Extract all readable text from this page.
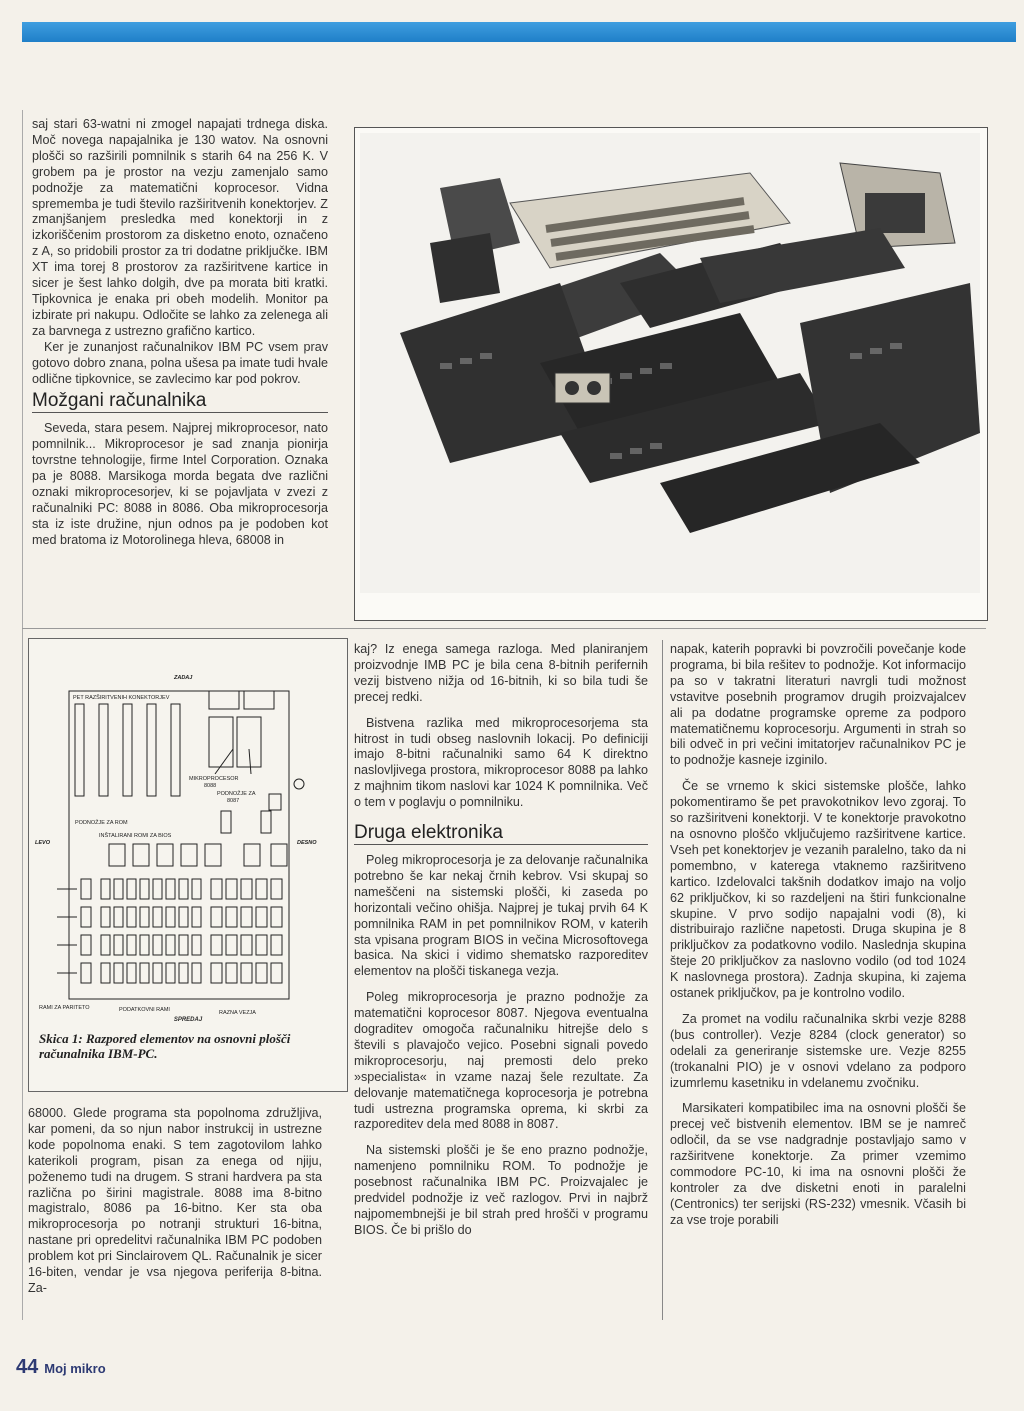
saj stari 63-watni ni zmogel napajati trdnega diska. Moč novega napajalnika je 130 watov. Na osnovni plošči so razširili pomnilnik s starih 64 na 256 K. V grobem pa je prostor na vezju zamenjalo samo podnožje za matematični koprocesor. Vidna sprememba je tudi število razširitvenih konektorjev. Z zmanjšanjem presledka med konektorji in z izkoriščenim prostorom za disketno enoto, označeno z A, so pridobili prostor za tri dodatne priključke. IBM XT ima torej 8 prostorov za razširitvene kartice in sicer je šest lahko dolgih, dve pa morata biti kratki. Tipkovnica je enaka pri obeh modelih. Monitor pa izbirate pri nakupu. Odločite se lahko za zelenega ali za barvnega z ustrezno grafično kartico.

Ker je zunanjost računalnikov IBM PC vsem prav gotovo dobro znana, polna ušesa pa imate tudi hvale odlične tipkovnice, se zavlecimo kar pod pokrov.

Možgani računalnika

Seveda, stara pesem. Najprej mikroprocesor, nato pomnilnik... Mikroprocesor je sad znanja pionirja tovrstne tehnologije, firme Intel Corporation. Oznaka pa je 8088. Marsikoga morda begata dve različni oznaki mikroprocesorjev, ki se pojavljata v zvezi z računalniki PC: 8088 in 8086. Oba mikroprocesorja sta iz iste družine, njun odnos pa je podoben kot med bratoma iz Motorolinega hleva, 68008 in

ZADAJ
PET RAZŠIRITVENIH KONEKTORJEV
MIKROPROCESOR
8088
PODNOŽJE ZA
8087
PODNOŽJE ZA ROM
INŠTALIRANI ROMI ZA BIOS
LEVO	DESNO
RAMI ZA PARITETO	PODATKOVNI RAMI	RAZNA VEZJA
SPREDAJ
Skica 1: Razpored elementov na osnovni plošči računalnika IBM-PC.

68000. Glede programa sta popolnoma združljiva, kar pomeni, da so njun nabor instrukcij in ustrezne kode popolnoma enaki. S tem zagotovilom lahko katerikoli program, pisan za enega od njiju, poženemo tudi na drugem. S strani hardvera pa sta različna po širini magistrale. 8088 ima 8-bitno magistralo, 8086 pa 16-bitno. Ker sta oba mikroprocesorja po notranji strukturi 16-bitna, nastane pri opredelitvi računalnika IBM PC podoben problem kot pri Sinclairovem QL. Računalnik je sicer 16-biten, vendar je vsa njegova periferija 8-bitna. Za-

kaj? Iz enega samega razloga. Med planiranjem proizvodnje IMB PC je bila cena 8-bitnih perifernih vezij bistveno nižja od 16-bitnih, ki so bila tudi še precej redki.

Bistvena razlika med mikroprocesorjema sta hitrost in tudi obseg naslovnih lokacij. Po definiciji imajo 8-bitni računalniki samo 64 K direktno naslovljivega prostora, mikroprocesor 8088 pa lahko z majhnim tikom naslovi kar 1024 K pomnilnika. Več o tem v poglavju o pomnilniku.

Druga elektronika

Poleg mikroprocesorja je za delovanje računalnika potrebno še kar nekaj črnih kebrov. Vsi skupaj so nameščeni na sistemski plošči, ki zaseda po horizontali večino ohišja. Najprej je tukaj prvih 64 K pomnilnika RAM in pet pomnilnikov ROM, v katerih sta vpisana program BIOS in večina Microsoftovega basica. Na skici i vidimo shematsko razporeditev elementov na plošči tiskanega vezja.

Poleg mikroprocesorja je prazno podnožje za matematični koprocesor 8087. Njegova eventualna dograditev omogoča računalniku hitrejše delo s števili s plavajočo vejico. Posebni signali povedo mikroprocesorju, naj premosti delo preko »specialista« in vzame nazaj šele rezultate. Za delovanje matematičnega koprocesorja je potrebna tudi ustrezna programska oprema, ki skrbi za razporeditev dela med 8088 in 8087.

Na sistemski plošči je še eno prazno podnožje, namenjeno pomnilniku ROM. To podnožje je posebnost računalnika IBM PC. Proizvajalec je predvidel podnožje iz več razlogov. Prvi in najbrž najpomembnejši je bil strah pred hrošči v programu BIOS. Če bi prišlo do

napak, katerih popravki bi povzročili povečanje kode programa, bi bila rešitev to podnožje. Kot informacijo pa so v takratni literaturi navrgli tudi možnost vstavitve posebnih programov drugih proizvajalcev ali pa dodatne programske opreme za podporo matematičnemu koprocesorju. Argumenti in strah so bili odveč in pri večini imitatorjev računalnikov PC je to podnožje kasneje izginilo.

Če se vrnemo k skici sistemske plošče, lahko pokomentiramo še pet pravokotnikov levo zgoraj. To so razširitveni konektorji. V te konektorje pravokotno na osnovno ploščo vključujemo razširitvene kartice. Vseh pet konektorjev je vezanih paralelno, tako da ni pomembno, v kateregа vtaknemo razširitveno kartico. Izdelovalci takšnih dodatkov imajo na voljo 62 priključkov, ki so razdeljeni na štiri funkcionalne skupine. V prvo sodijo napajalni vodi (8), ki distribuirajo različne napetosti. Druga skupina je 8 priključkov za podatkovno vodilo. Naslednja skupina šteje 20 priključkov za naslovno vodilo (od tod 1024 K naslovnega prostora). Zadnja skupina, ki zajema ostanek priključkov, pa je kontrolno vodilo.

Za promet na vodilu računalnika skrbi vezje 8288 (bus controller). Vezje 8284 (clock generator) so odelali za generiranje sistemske ure. Vezje 8255 (trokanalni PIO) je v osnovi vdelano za podporo izumrlemu kasetniku in vdelanemu zvočniku.

Marsikateri kompatibilec ima na osnovni plošči še precej več bistvenih elementov. IBM se je namreč odločil, da se vse nadgradnje postavljajo samo v razširitvene konektorje. Za primer vzemimo commodore PC-10, ki ima na osnovni plošči že kontroler za dve disketni enoti in paralelni (Centronics) ter serijski (RS-232) vmesnik. Včasih bi za vse troje porabili

44 Moj mikro
